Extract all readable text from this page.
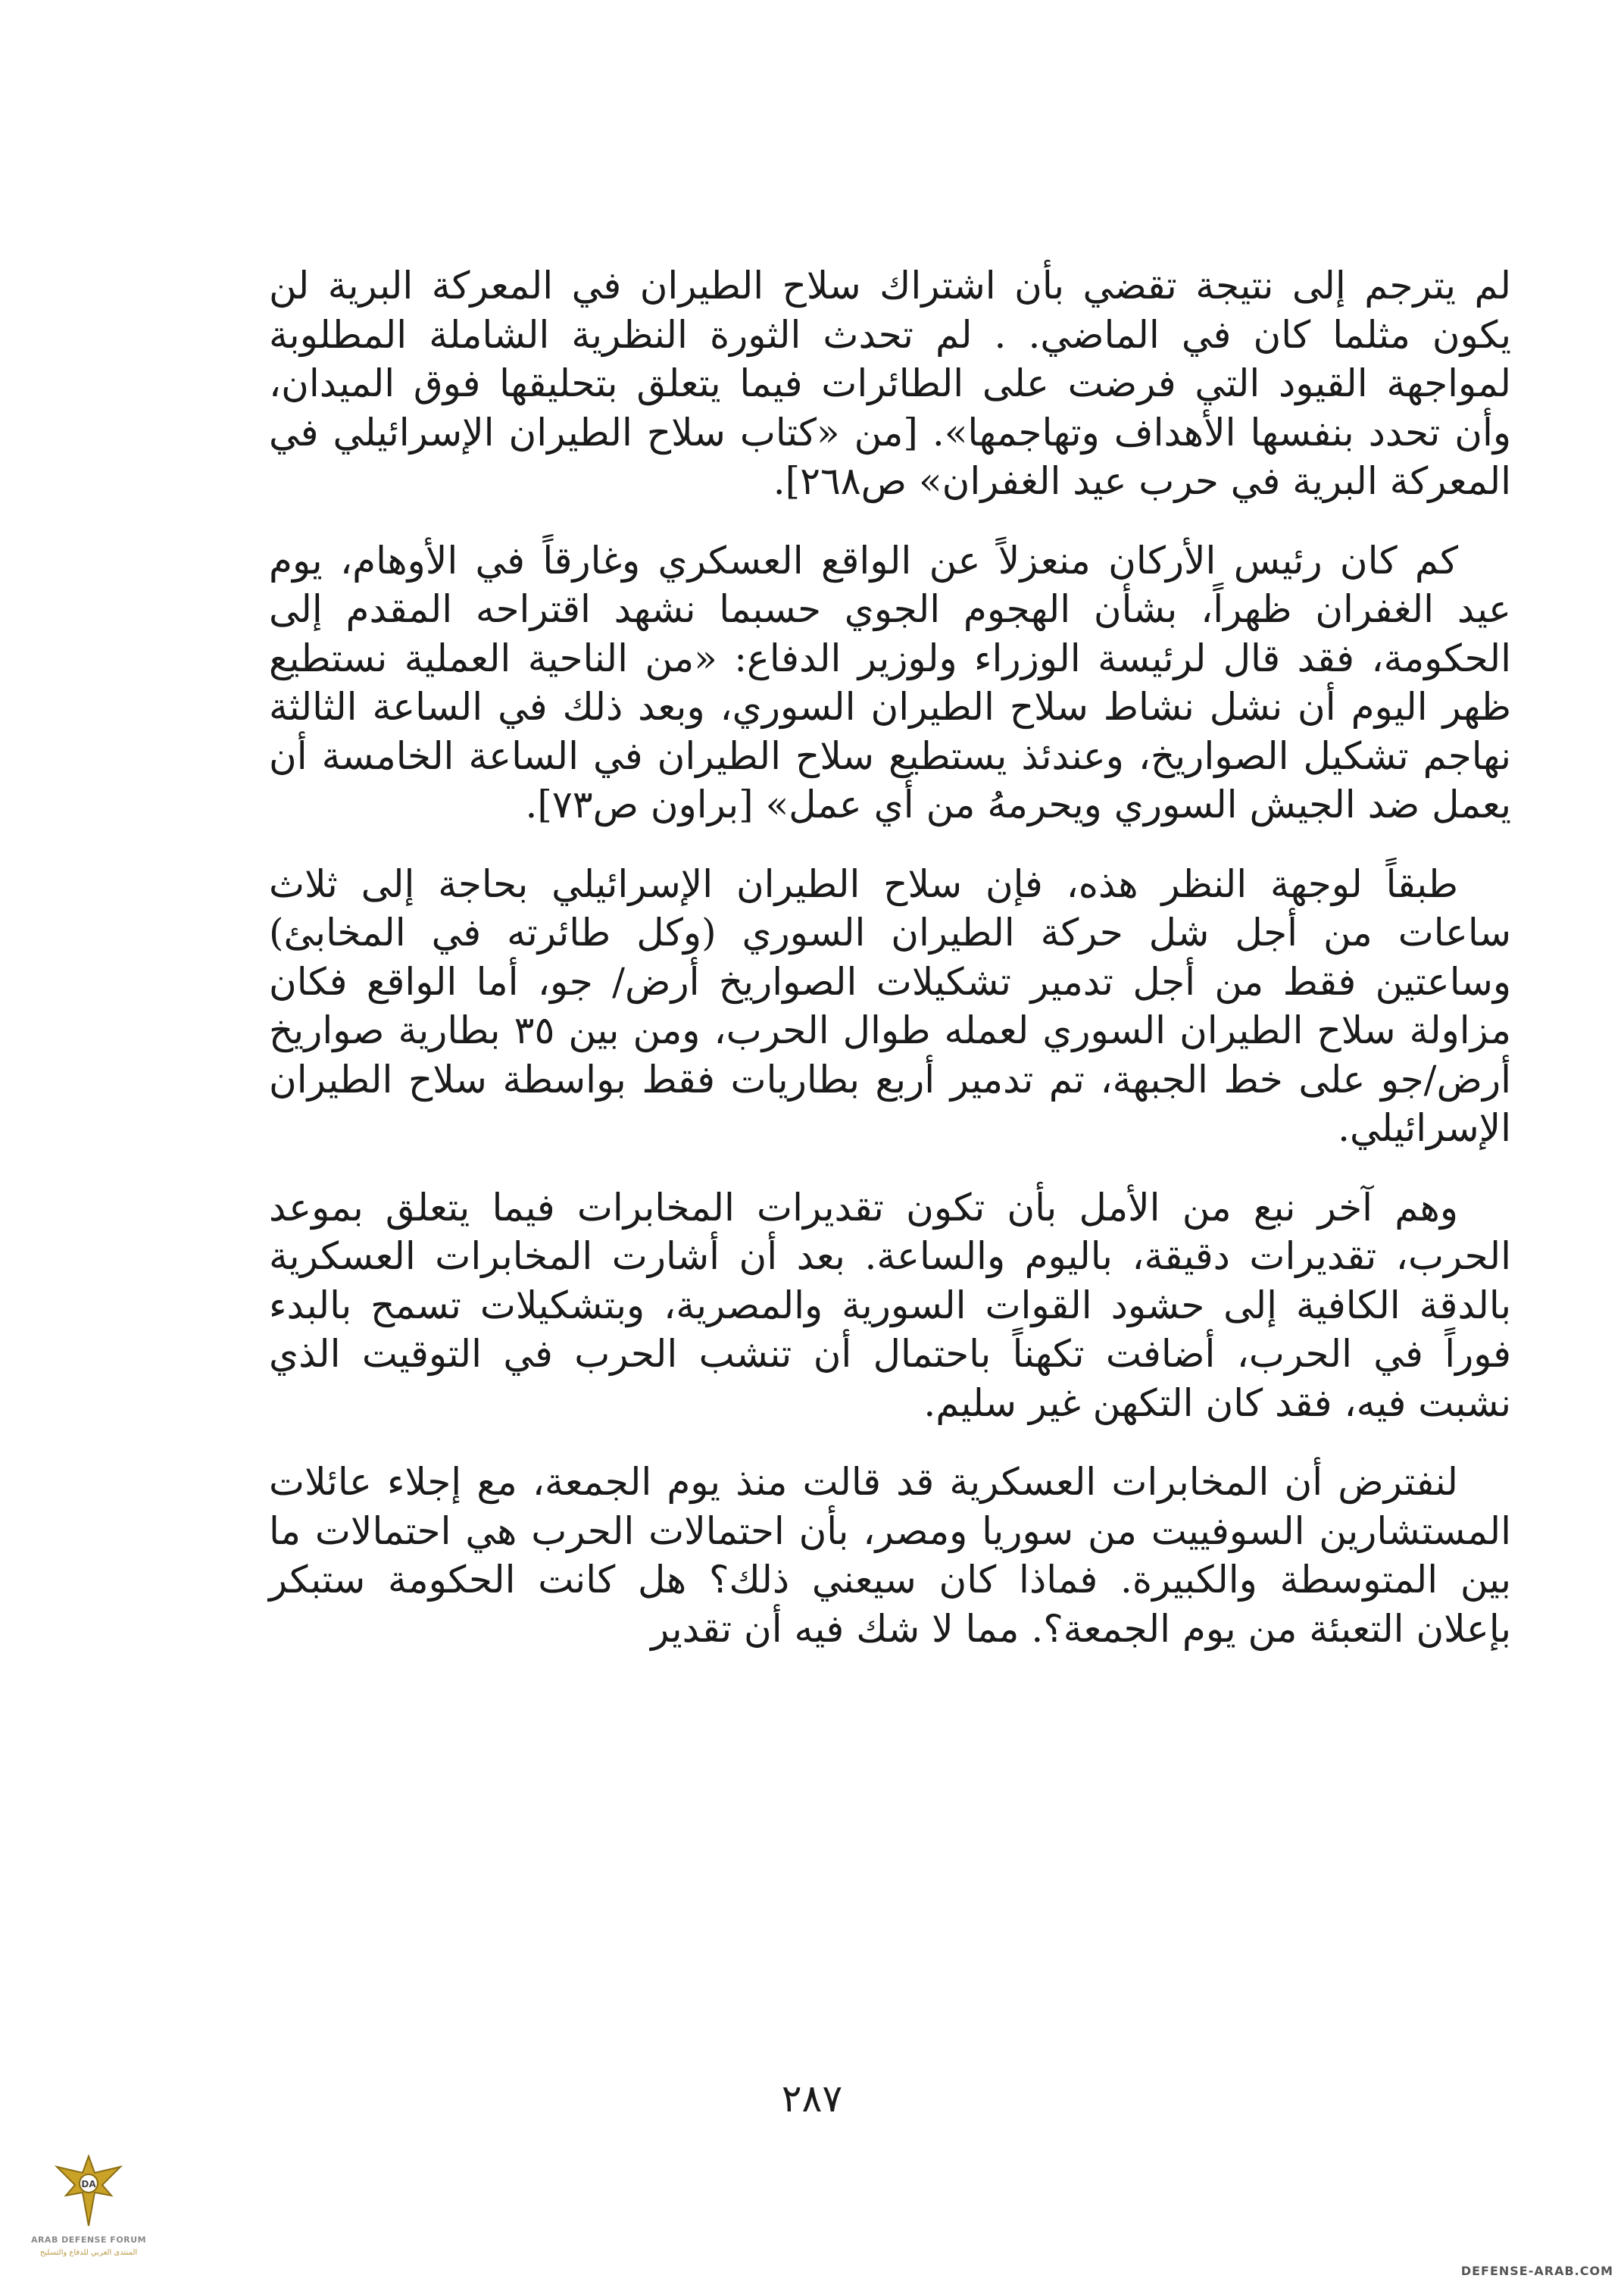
لم يترجم إلى نتيجة تقضي بأن اشتراك سلاح الطيران في المعركة البرية لن يكون مثلما كان في الماضي. . لم تحدث الثورة النظرية الشاملة المطلوبة لمواجهة القيود التي فرضت على الطائرات فيما يتعلق بتحليقها فوق الميدان، وأن تحدد بنفسها الأهداف وتهاجمها». [من «كتاب سلاح الطيران الإسرائيلي في المعركة البرية في حرب عيد الغفران» ص٢٦٨].

كم كان رئيس الأركان منعزلاً عن الواقع العسكري وغارقاً في الأوهام، يوم عيد الغفران ظهراً، بشأن الهجوم الجوي حسبما نشهد اقتراحه المقدم إلى الحكومة، فقد قال لرئيسة الوزراء ولوزير الدفاع: «من الناحية العملية نستطيع ظهر اليوم أن نشل نشاط سلاح الطيران السوري، وبعد ذلك في الساعة الثالثة نهاجم تشكيل الصواريخ، وعندئذ يستطيع سلاح الطيران في الساعة الخامسة أن يعمل ضد الجيش السوري ويحرمهُ من أي عمل» [براون ص٧٣].

طبقاً لوجهة النظر هذه، فإن سلاح الطيران الإسرائيلي بحاجة إلى ثلاث ساعات من أجل شل حركة الطيران السوري (وكل طائرته في المخابئ) وساعتين فقط من أجل تدمير تشكيلات الصواريخ أرض/ جو، أما الواقع فكان مزاولة سلاح الطيران السوري لعمله طوال الحرب، ومن بين ٣٥ بطارية صواريخ أرض/جو على خط الجبهة، تم تدمير أربع بطاريات فقط بواسطة سلاح الطيران الإسرائيلي.

وهم آخر نبع من الأمل بأن تكون تقديرات المخابرات فيما يتعلق بموعد الحرب، تقديرات دقيقة، باليوم والساعة. بعد أن أشارت المخابرات العسكرية بالدقة الكافية إلى حشود القوات السورية والمصرية، وبتشكيلات تسمح بالبدء فوراً في الحرب، أضافت تكهناً باحتمال أن تنشب الحرب في التوقيت الذي نشبت فيه، فقد كان التكهن غير سليم.

لنفترض أن المخابرات العسكرية قد قالت منذ يوم الجمعة، مع إجلاء عائلات المستشارين السوفييت من سوريا ومصر، بأن احتمالات الحرب هي احتمالات ما بين المتوسطة والكبيرة. فماذا كان سيعني ذلك؟ هل كانت الحكومة ستبكر بإعلان التعبئة من يوم الجمعة؟. مما لا شك فيه أن تقدير

٢٨٧
DA
ARAB DEFENSE FORUM
المنتدى العربي للدفاع والتسليح
DEFENSE-ARAB.COM
